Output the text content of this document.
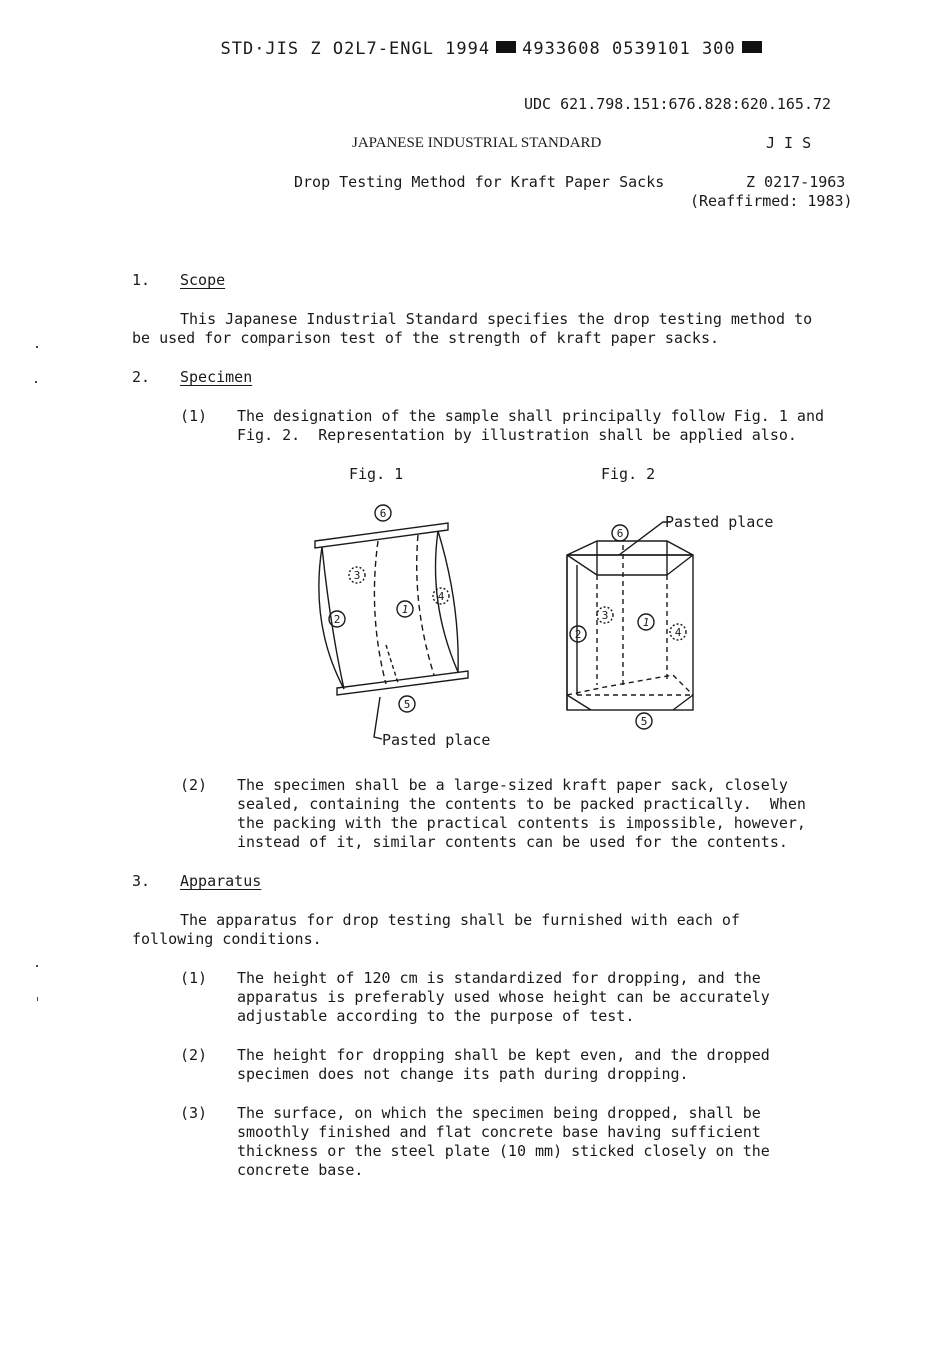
STD·JIS Z O2L7-ENGL 1994 4933608 0539101 300

UDC 621.798.151:676.828:620.165.72
JAPANESE INDUSTRIAL STANDARD	J I S
Drop Testing Method for Kraft Paper Sacks	Z 0217-1963
(Reaffirmed: 1983)
1. Scope
This Japanese Industrial Standard specifies the drop testing method to
be used for comparison test of the strength of kraft paper sacks.
2. Specimen
(1) The designation of the sample shall principally follow Fig. 1 and
Fig. 2.  Representation by illustration shall be applied also.
Fig. 1	Fig. 2
6
3
1
2
4
5
Pasted place
6
3
1
2	4
5
Pasted place
(2) The specimen shall be a large-sized kraft paper sack, closely
sealed, containing the contents to be packed practically.  When
the packing with the practical contents is impossible, however,
instead of it, similar contents can be used for the contents.
3. Apparatus
The apparatus for drop testing shall be furnished with each of
following conditions.
(1) The height of 120 cm is standardized for dropping, and the
apparatus is preferably used whose height can be accurately
adjustable according to the purpose of test.
(2) The height for dropping shall be kept even, and the dropped
specimen does not change its path during dropping.
(3) The surface, on which the specimen being dropped, shall be
smoothly finished and flat concrete base having sufficient
thickness or the steel plate (10 mm) sticked closely on the
concrete base.
